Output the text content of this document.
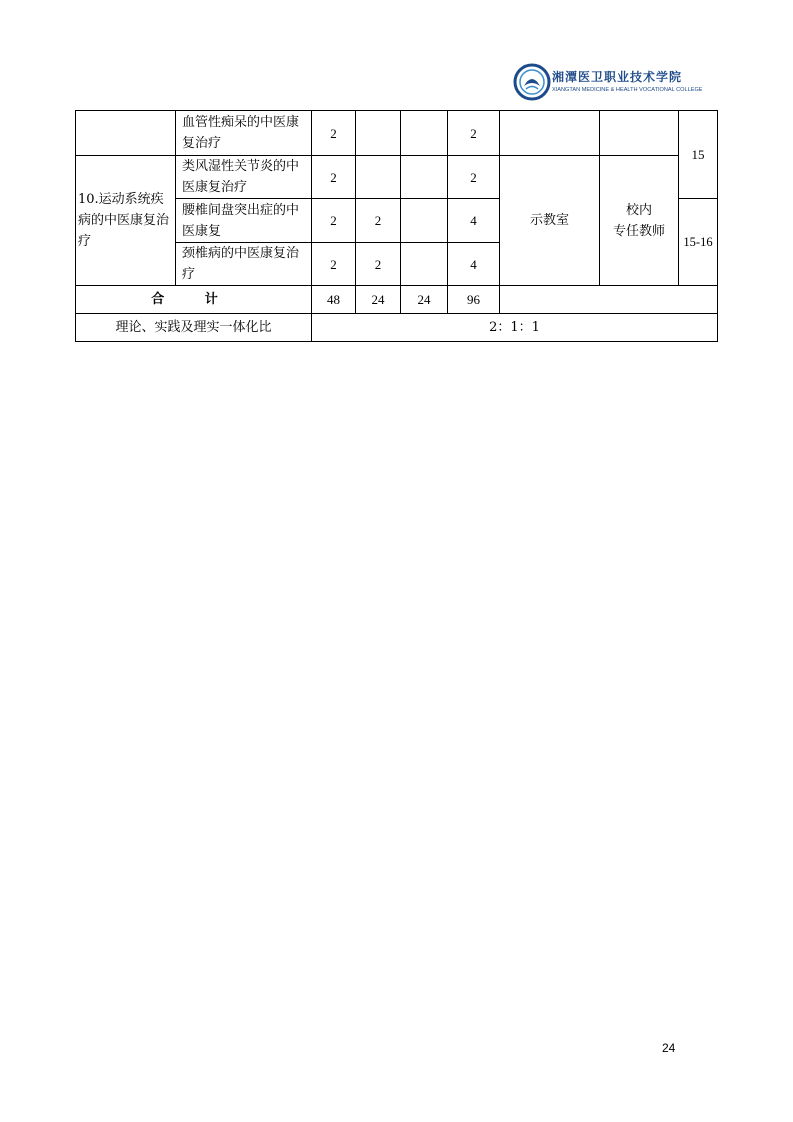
湘潭医卫职业技术学院
XIANGTAN MEDICINE & HEALTH VOCATIONAL COLLEGE
	血管性痴呆的中医康复治疗	2			2			15
10.运动系统疾病的中医康复治疗	类风湿性关节炎的中医康复治疗	2			2	示教室	校内
专任教师	

	腰椎间盘突出症的中医康复	2	2		4			15-16
	颈椎病的中医康复治疗	2	2		4			
合 计		48	24	24	96			
理论、实践及理实一体化比		2：1：1						
24
